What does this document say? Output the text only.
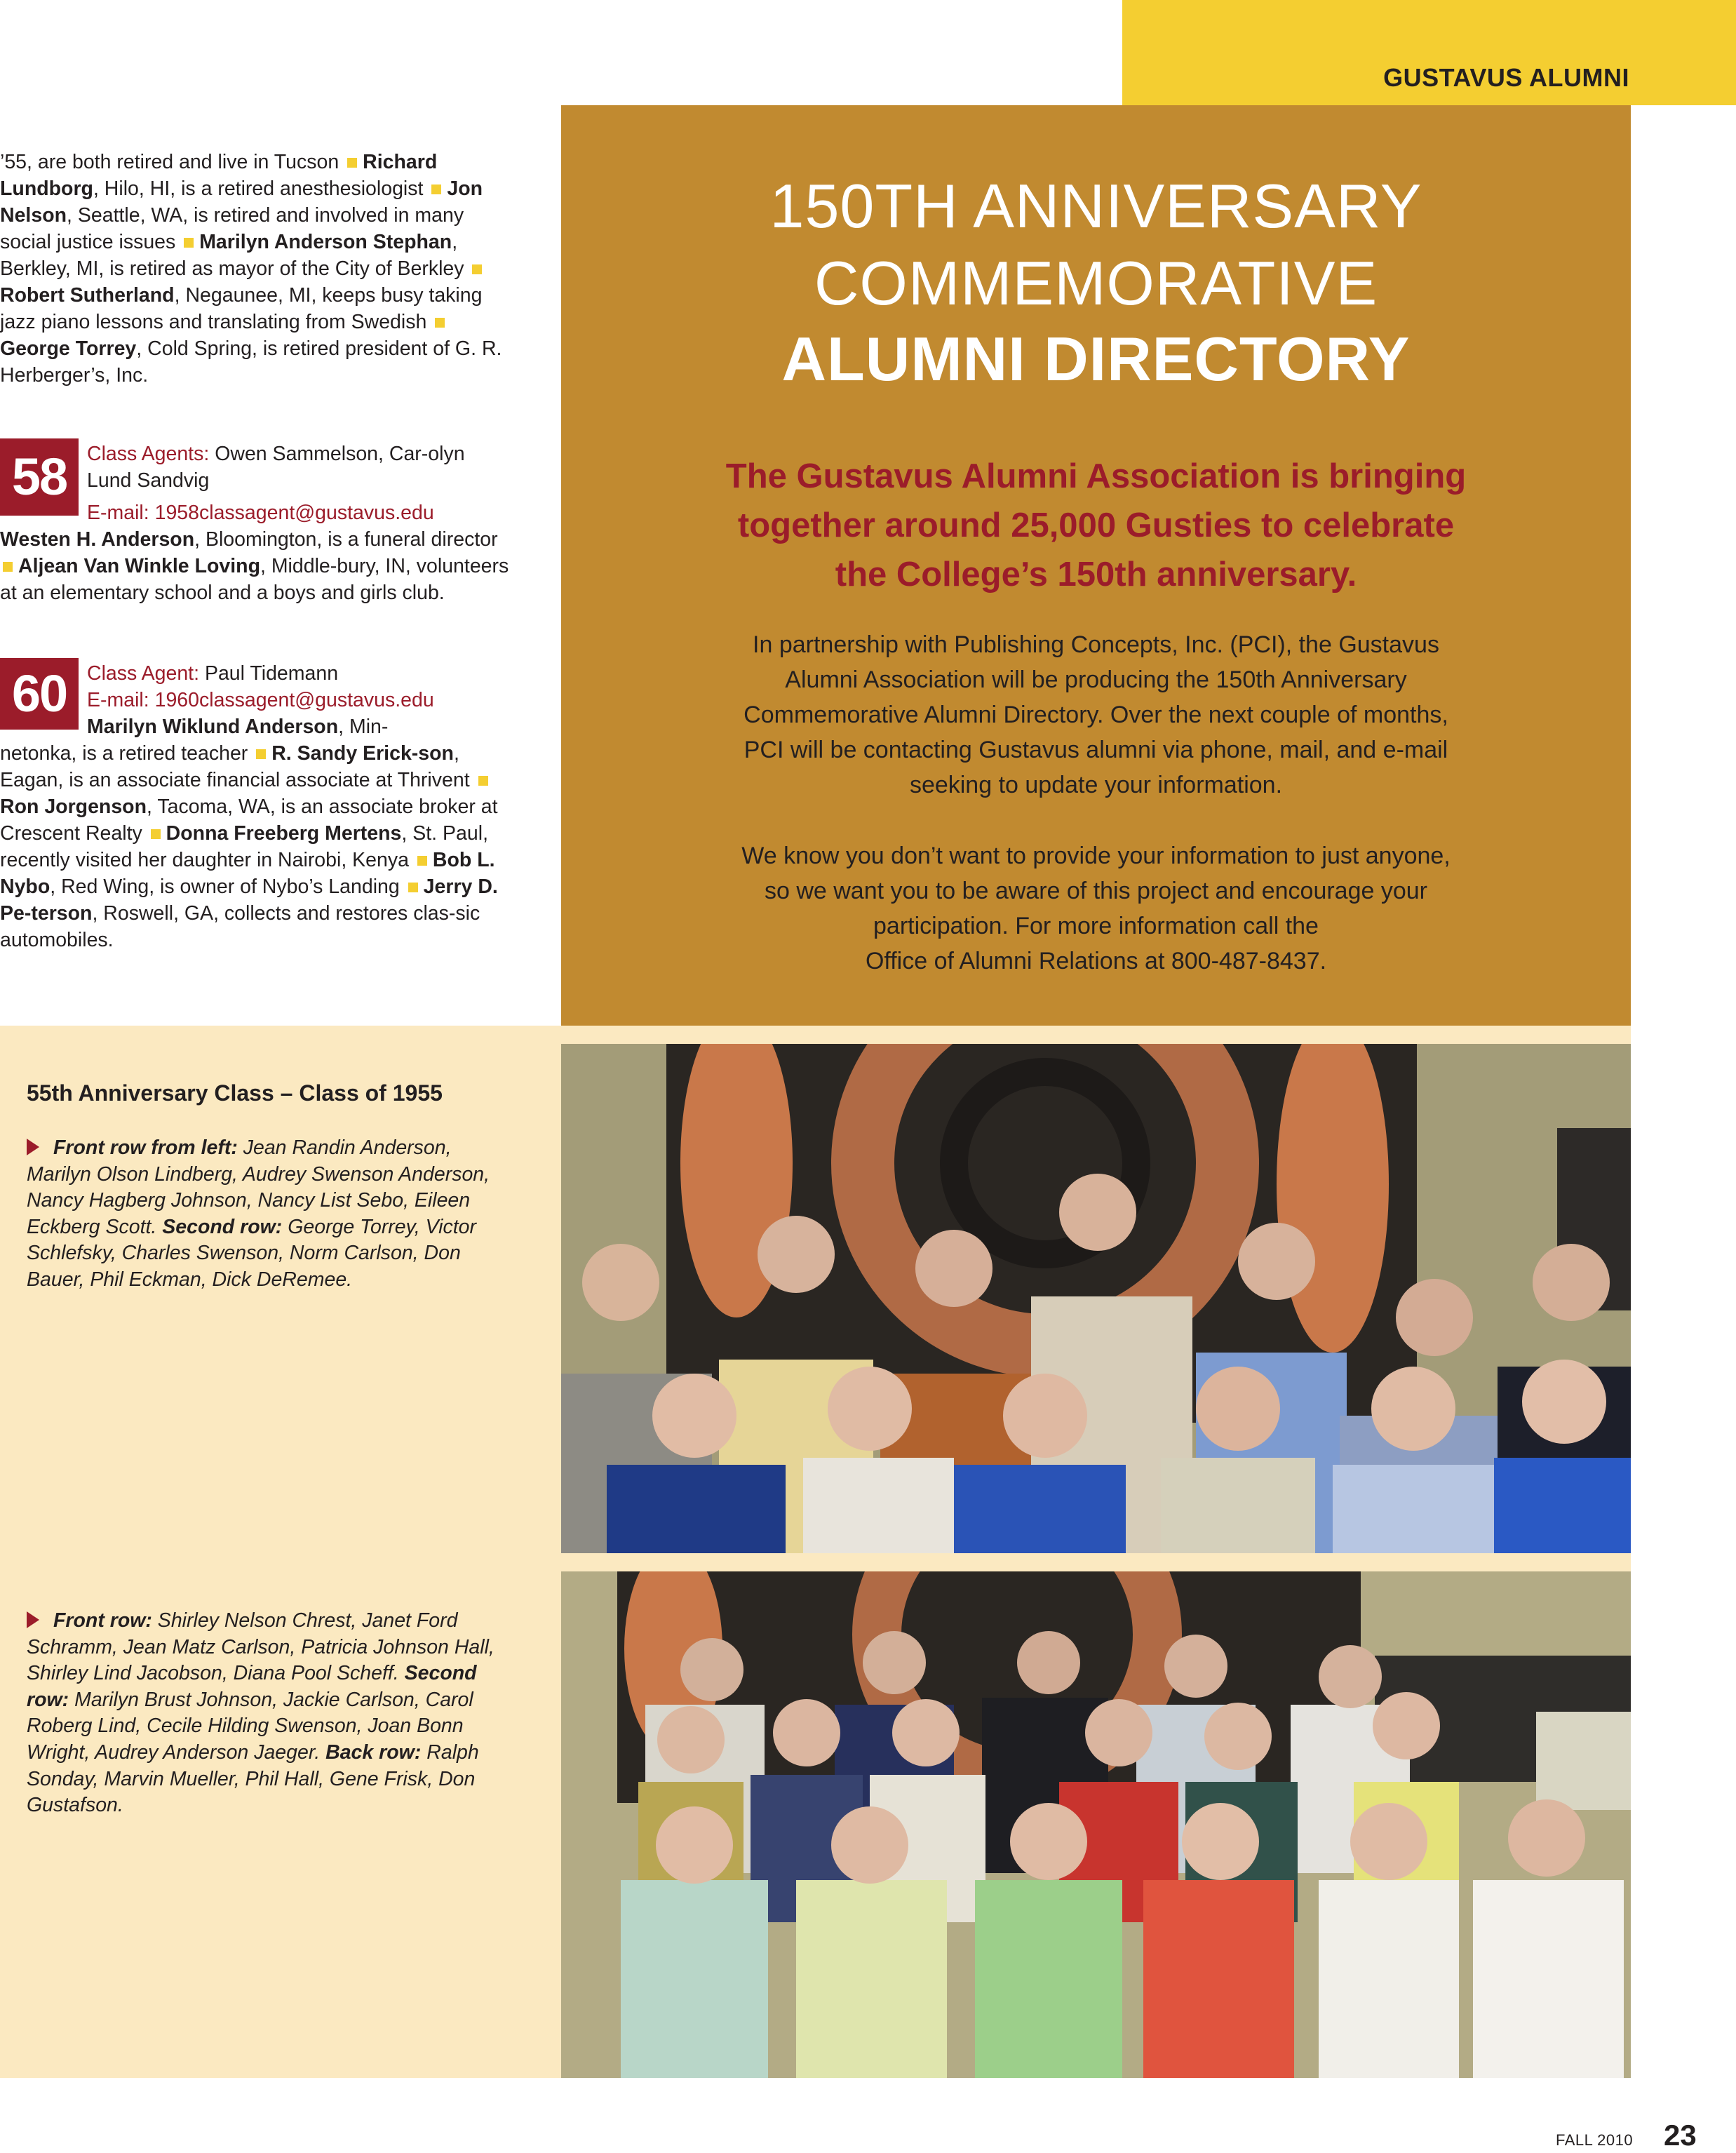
GUSTAVUS ALUMNI

’55, are both retired and live in Tucson Richard Lundborg, Hilo, HI, is a retired anesthesiologist Jon Nelson, Seattle, WA, is retired and involved in many social justice issues Marilyn Anderson Stephan, Berkley, MI, is retired as mayor of the City of Berkley Robert Sutherland, Negaunee, MI, keeps busy taking jazz piano lessons and translating from Swedish George Torrey, Cold Spring, is retired president of G. R. Herberger’s, Inc.

58	Class Agents: Owen Sammelson, Car-olyn Lund Sandvig

E-mail: 1958classagent@gustavus.edu

Westen H. Anderson, Bloomington, is a funeral director Aljean Van Winkle Loving, Middle-bury, IN, volunteers at an elementary school and a boys and girls club.

60	Class Agent: Paul Tidemann

E-mail: 1960classagent@gustavus.edu

Marilyn Wiklund Anderson, Min-

netonka, is a retired teacher R. Sandy Erick-son, Eagan, is an associate financial associate at Thrivent Ron Jorgenson, Tacoma, WA, is an associate broker at Crescent Realty Donna Freeberg Mertens, St. Paul, recently visited her daughter in Nairobi, Kenya Bob L. Nybo, Red Wing, is owner of Nybo’s Landing Jerry D. Pe-terson, Roswell, GA, collects and restores clas-sic automobiles.

150TH ANNIVERSARY
COMMEMORATIVE
ALUMNI DIRECTORY
The Gustavus Alumni Association is bringing
together around 25,000 Gusties to celebrate
the College’s 150th anniversary.
In partnership with Publishing Concepts, Inc. (PCI), the Gustavus
Alumni Association will be producing the 150th Anniversary
Commemorative Alumni Directory. Over the next couple of months,
PCI will be contacting Gustavus alumni via phone, mail, and e-mail
seeking to update your information.
We know you don’t want to provide your information to just anyone,
so we want you to be aware of this project and encourage your
participation. For more information call the
Office of Alumni Relations at 800-487-8437.
55th Anniversary Class – Class of 1955
Front row from left: Jean Randin Anderson, Marilyn Olson Lindberg, Audrey Swenson Anderson, Nancy Hagberg Johnson, Nancy List Sebo, Eileen Eckberg Scott. Second row: George Torrey, Victor Schlefsky, Charles Swenson, Norm Carlson, Don Bauer, Phil Eckman, Dick DeRemee.
Front row: Shirley Nelson Chrest, Janet Ford Schramm, Jean Matz Carlson, Patricia Johnson Hall, Shirley Lind Jacobson, Diana Pool Scheff. Second row: Marilyn Brust Johnson, Jackie Carlson, Carol Roberg Lind, Cecile Hilding Swenson, Joan Bonn Wright, Audrey Anderson Jaeger. Back row: Ralph Sonday, Marvin Mueller, Phil Hall, Gene Frisk, Don Gustafson.
FALL 2010 23
